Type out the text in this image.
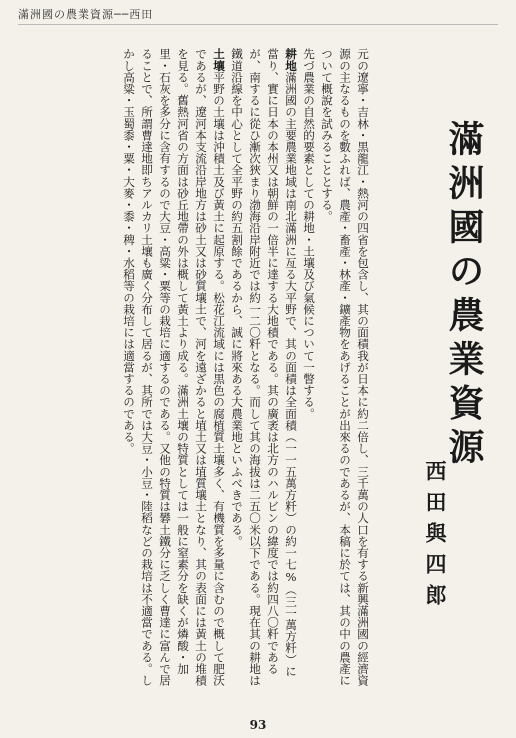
滿洲國の農業資源──西田
滿洲國の農業資源
西田與四郎

元の遼寧・吉林・黒龍江・熱河の四省を包含し、其の面積我が日本に約二倍し、三千萬の人口を有する新興滿洲國の經濟資源の主なるものを數ふれば、農產・畜產・林產・鑛產物をあげることが出來るのであるが、本稿に於ては、其の中の農產について概說を試みることとする。

先づ農業の自然的要素としての耕地・土壤及び氣候について一瞥する。

耕地滿洲國の主要農業地域は南北滿洲に亙る大平野で、其の面積は全面積（一一五萬方粁）の約一七%（三一萬方粁）に當り、實に日本の本州又は朝鮮の一倍半に達する大地積である。其の廣袤は北方のハルビンの緯度では約四八〇粁であるが、南するに從ひ漸次狹まり渤海沿岸附近では約一二〇粁となる。而して其の海拔は二五〇米以下である。現在其の耕地は鐵道沿線を中心として全平野の約五割餘であるから、誠に將來ある大農業地といふべきである。

土壤平野の土壤は沖積土及び黃土に起原する。松花江流域には黒色の腐植質土壤多く、有機質を多量に含むので概して肥沃であるが、遼河本支流沿岸地方は砂土又は砂質壤土で、河を遠ざかると埴土又は埴質壤土となり、其の表面には黃土の堆積を見る。舊熱河省の方面は砂丘地帶の外は概して黃土より成る。滿洲土壤の特質としては一般に窒素分を缺くが燐酸・加里・石灰を多分に含有するので大豆・高粱・粟等の栽培に適するのである。又他の特質は礬土鐵分に乏しく曹達に富んで居ることで、所謂曹達地即ちアルカリ土壤も廣く分布して居るが、其所では大豆・小豆・陸稻などの栽培は不適當である。しかし高粱・玉蜀黍・粟・大麥・黍・稗・水稻等の栽培には適當するのである。

93
